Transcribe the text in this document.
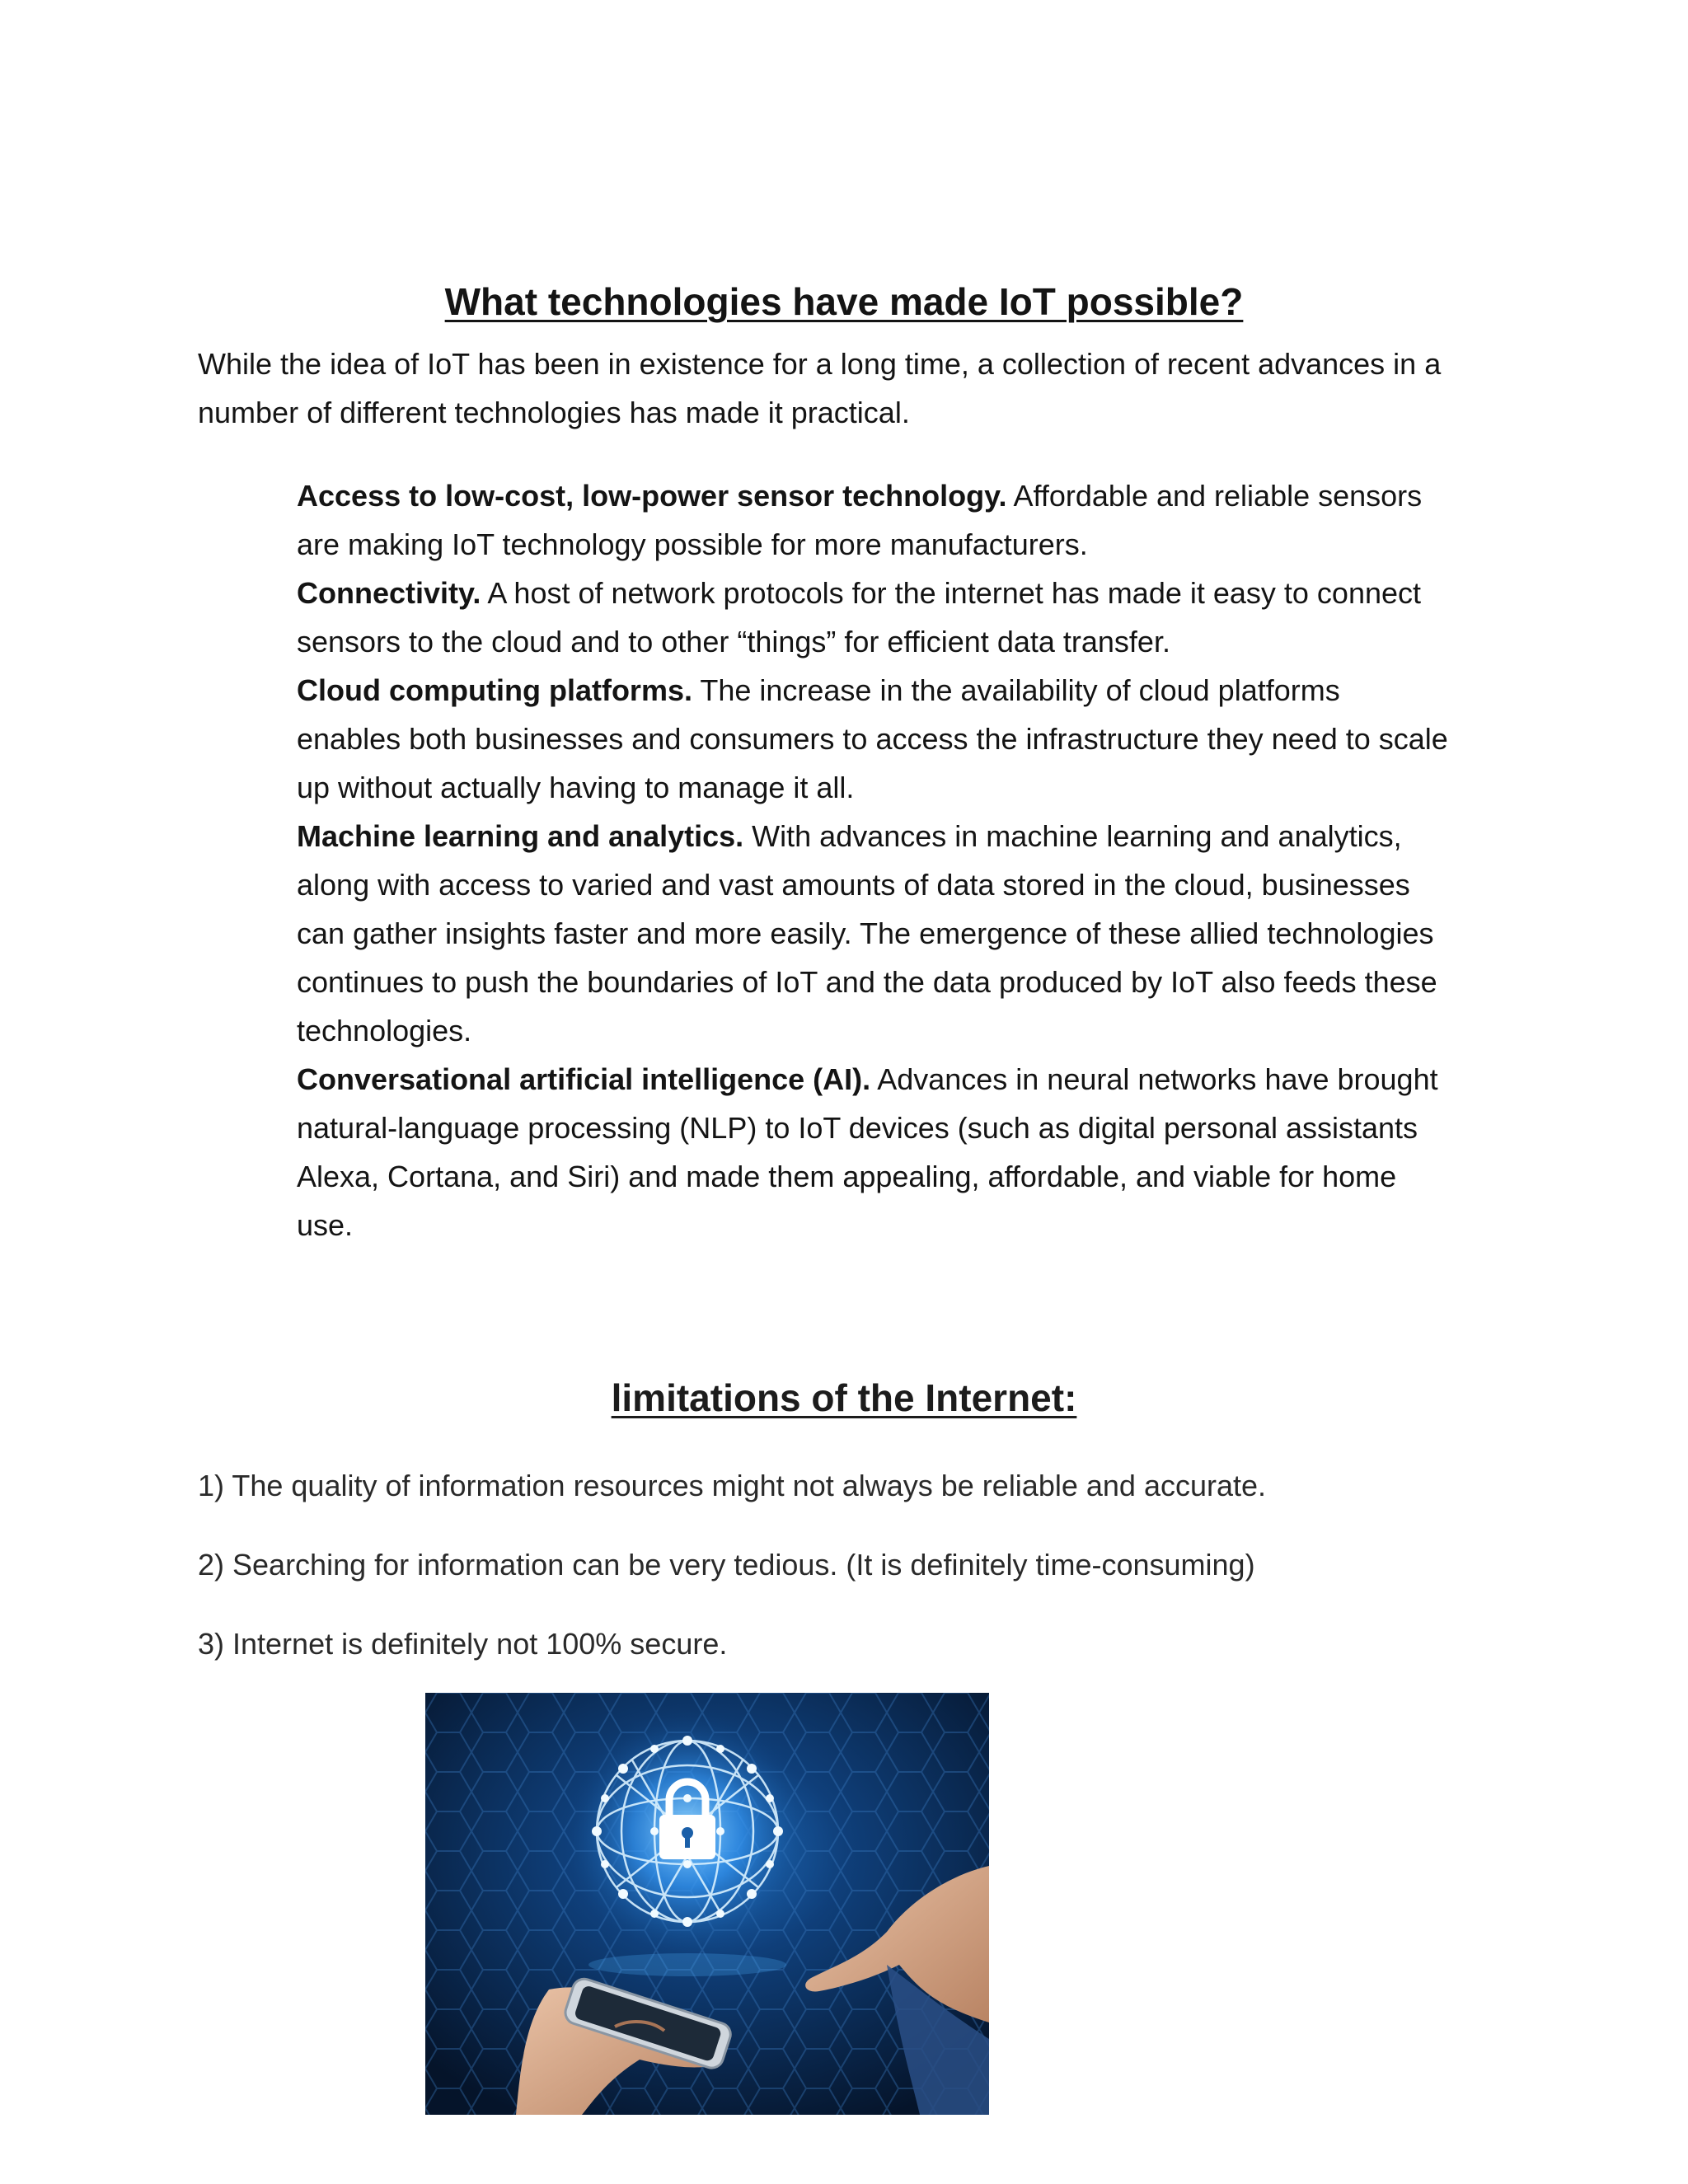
What technologies have made IoT possible?

While the idea of IoT has been in existence for a long time, a collection of recent advances in a number of different technologies has made it practical.

Access to low-cost, low-power sensor technology. Affordable and reliable sensors are making IoT technology possible for more manufacturers.
Connectivity. A host of network protocols for the internet has made it easy to connect sensors to the cloud and to other “things” for efficient data transfer.
Cloud computing platforms. The increase in the availability of cloud platforms enables both businesses and consumers to access the infrastructure they need to scale up without actually having to manage it all.
Machine learning and analytics. With advances in machine learning and analytics, along with access to varied and vast amounts of data stored in the cloud, businesses can gather insights faster and more easily. The emergence of these allied technologies continues to push the boundaries of IoT and the data produced by IoT also feeds these technologies.
Conversational artificial intelligence (AI). Advances in neural networks have brought natural-language processing (NLP) to IoT devices (such as digital personal assistants Alexa, Cortana, and Siri) and made them appealing, affordable, and viable for home use.
limitations of the Internet:
1) The quality of information resources might not always be reliable and accurate.
2) Searching for information can be very tedious. (It is definitely time-consuming)
3) Internet is definitely not 100% secure.
